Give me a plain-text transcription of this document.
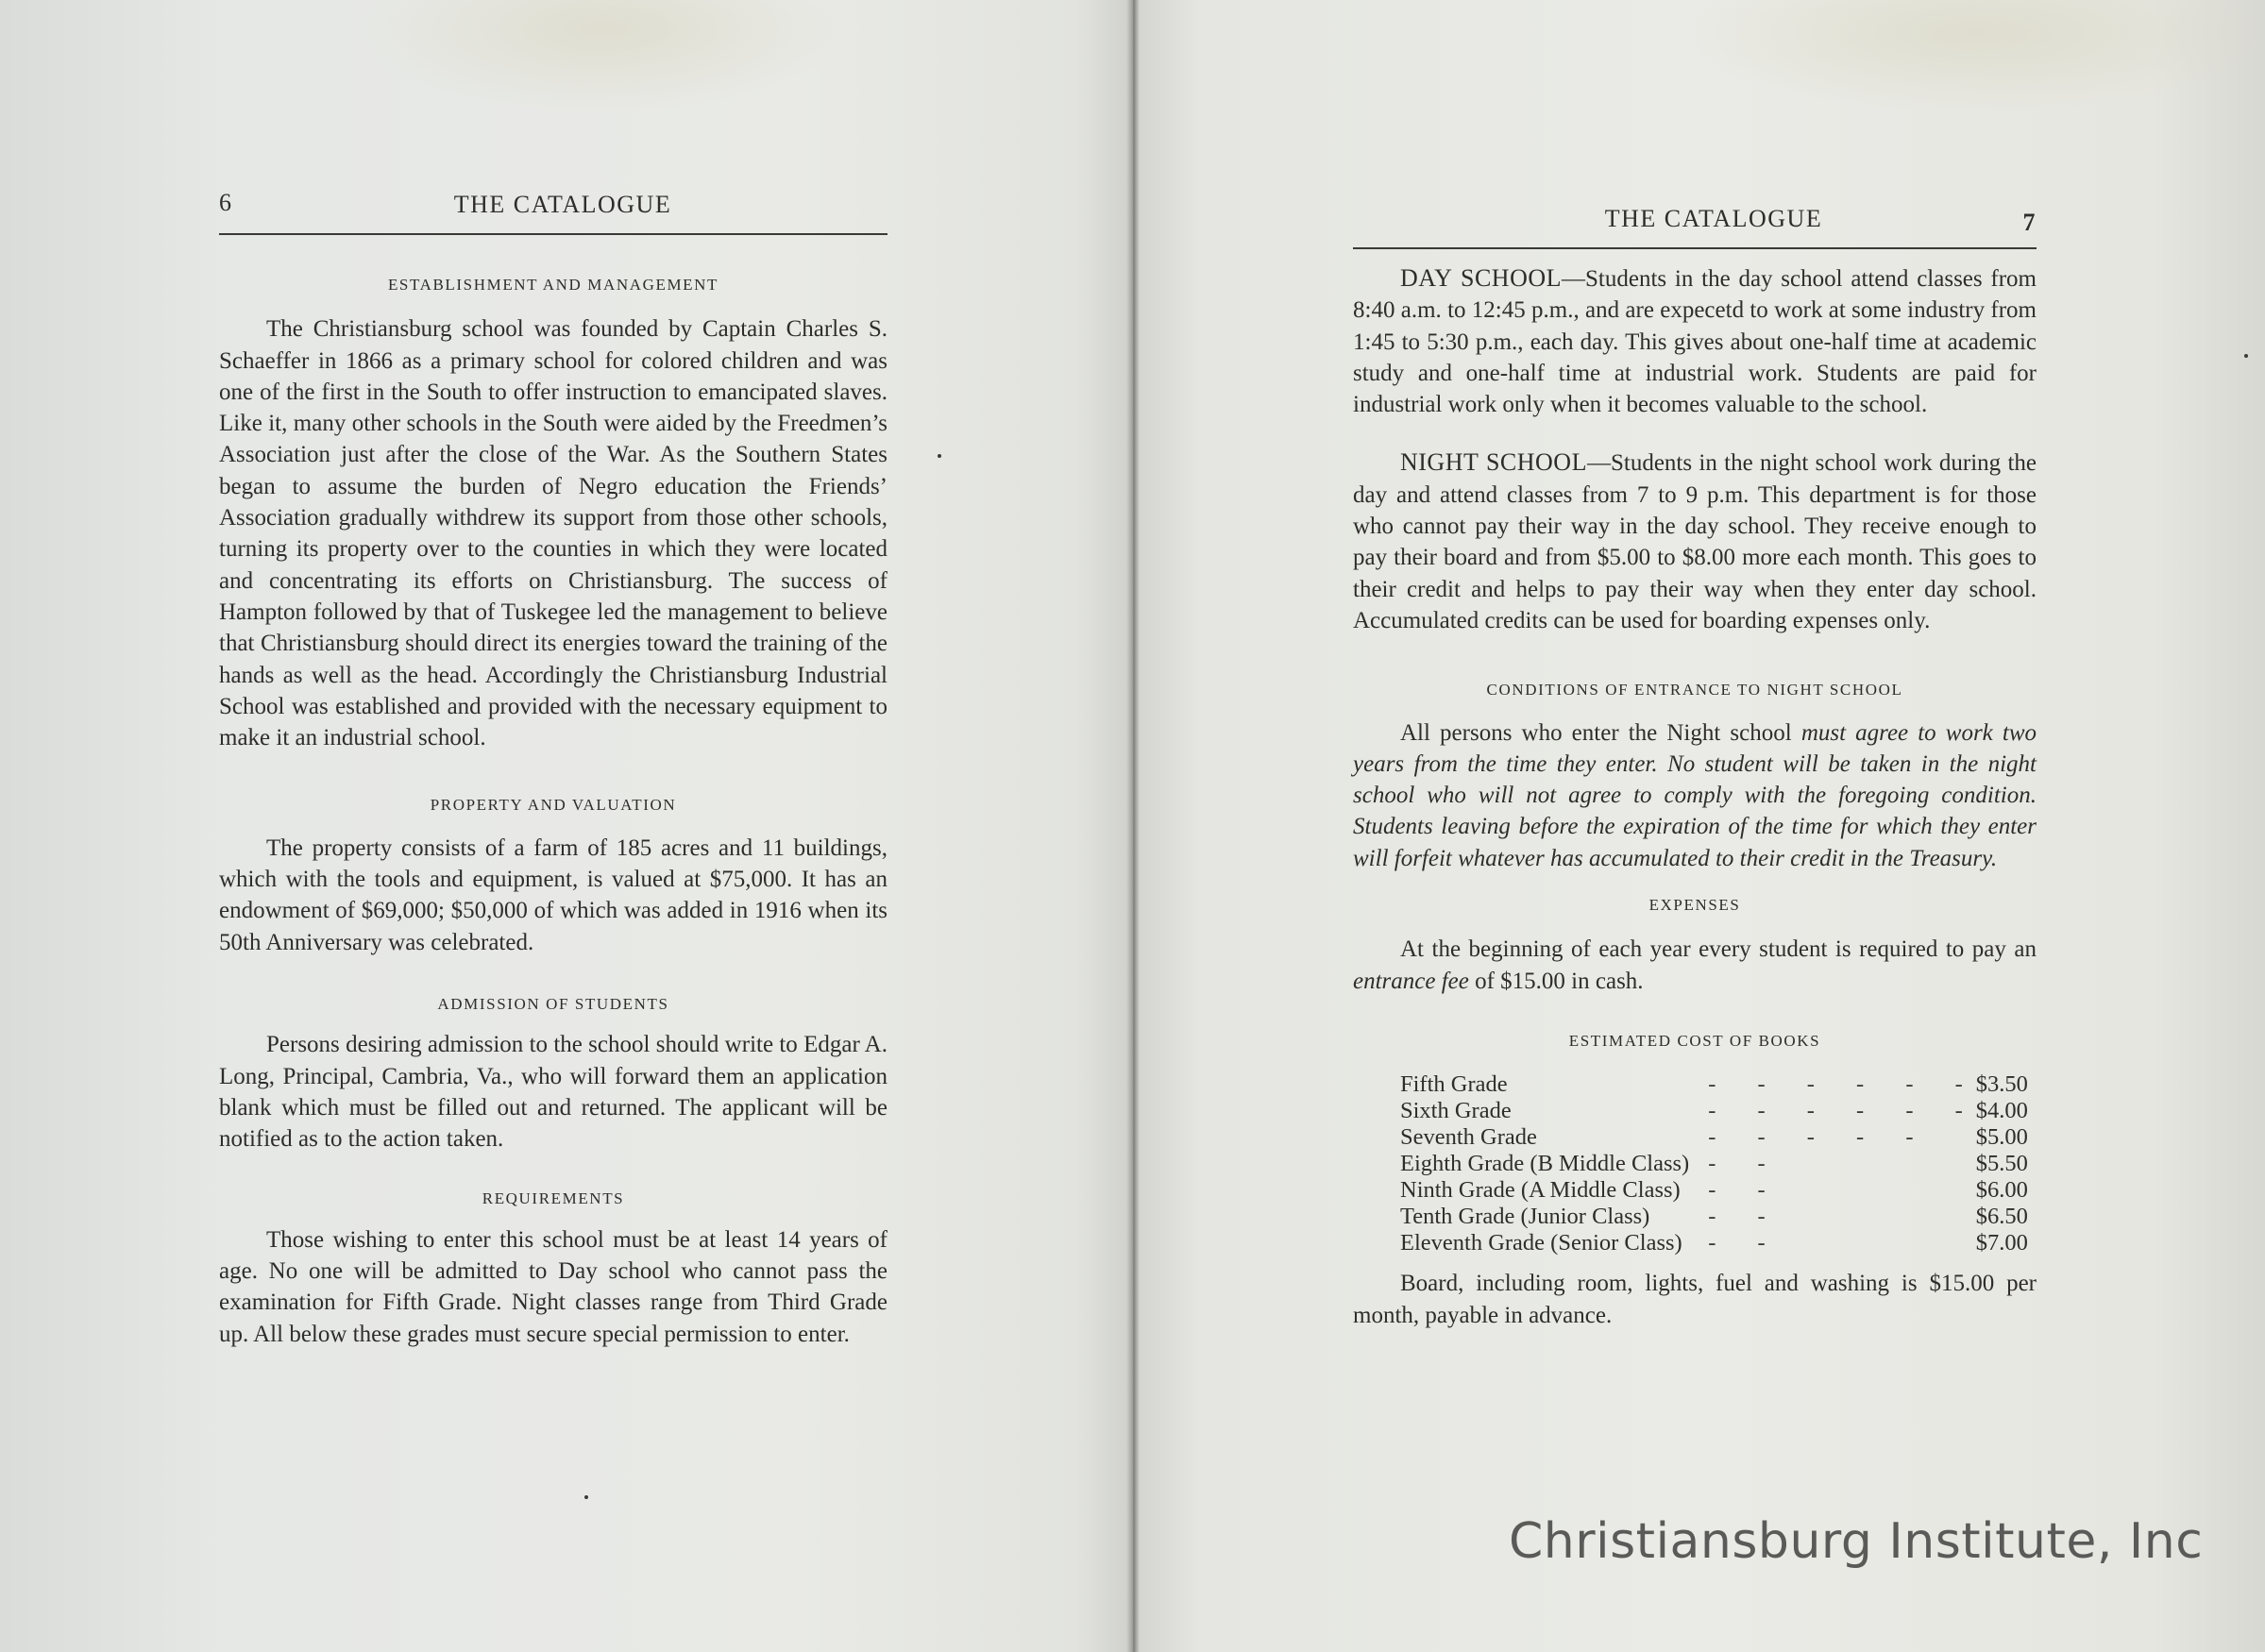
6	THE CATALOGUE
ESTABLISHMENT AND MANAGEMENT

The Christiansburg school was founded by Captain Charles S. Schaeffer in 1866 as a primary school for colored children and was one of the first in the South to offer instruction to emancipated slaves. Like it, many other schools in the South were aided by the Freedmen’s Association just after the close of the War. As the Southern States began to assume the burden of Negro education the Friends’ Association gradually withdrew its support from those other schools, turning its property over to the counties in which they were located and concentrating its efforts on Christiansburg. The success of Hampton followed by that of Tuskegee led the management to believe that Christiansburg should direct its energies toward the training of the hands as well as the head. Accordingly the Christiansburg Industrial School was established and provided with the necessary equipment to make it an industrial school.

PROPERTY AND VALUATION

The property consists of a farm of 185 acres and 11 buildings, which with the tools and equipment, is valued at $75,000. It has an endowment of $69,000; $50,000 of which was added in 1916 when its 50th Anniversary was celebrated.

ADMISSION OF STUDENTS

Persons desiring admission to the school should write to Edgar A. Long, Principal, Cambria, Va., who will forward them an application blank which must be filled out and returned. The applicant will be notified as to the action taken.

REQUIREMENTS

Those wishing to enter this school must be at least 14 years of age. No one will be admitted to Day school who cannot pass the examination for Fifth Grade. Night classes range from Third Grade up. All below these grades must secure special permission to enter.

THE CATALOGUE	7

DAY SCHOOL—Students in the day school attend classes from 8:40 a.m. to 12:45 p.m., and are expecetd to work at some industry from 1:45 to 5:30 p.m., each day. This gives about one-half time at academic study and one-half time at industrial work. Students are paid for industrial work only when it becomes valuable to the school.

NIGHT SCHOOL—Students in the night school work during the day and attend classes from 7 to 9 p.m. This department is for those who cannot pay their way in the day school. They receive enough to pay their board and from $5.00 to $8.00 more each month. This goes to their credit and helps to pay their way when they enter day school. Accumulated credits can be used for boarding expenses only.

CONDITIONS OF ENTRANCE TO NIGHT SCHOOL

All persons who enter the Night school must agree to work two years from the time they enter. No student will be taken in the night school who will not agree to comply with the foregoing condition. Students leaving before the expiration of the time for which they enter will forfeit whatever has accumulated to their credit in the Treasury.

EXPENSES

At the beginning of each year every student is required to pay an entrance fee of $15.00 in cash.

ESTIMATED COST OF BOOKS
Fifth Grade	- - - - - -	$3.50
Sixth Grade	- - - - - -	$4.00
Seventh Grade	- - - - -	$5.00
Eighth Grade (B Middle Class)	- -	$5.50
Ninth Grade (A Middle Class)	- -	$6.00
Tenth Grade (Junior Class)	- -	$6.50
Eleventh Grade (Senior Class)	- -	$7.00

Board, including room, lights, fuel and washing is $15.00 per month, payable in advance.

Christiansburg Institute, Inc
